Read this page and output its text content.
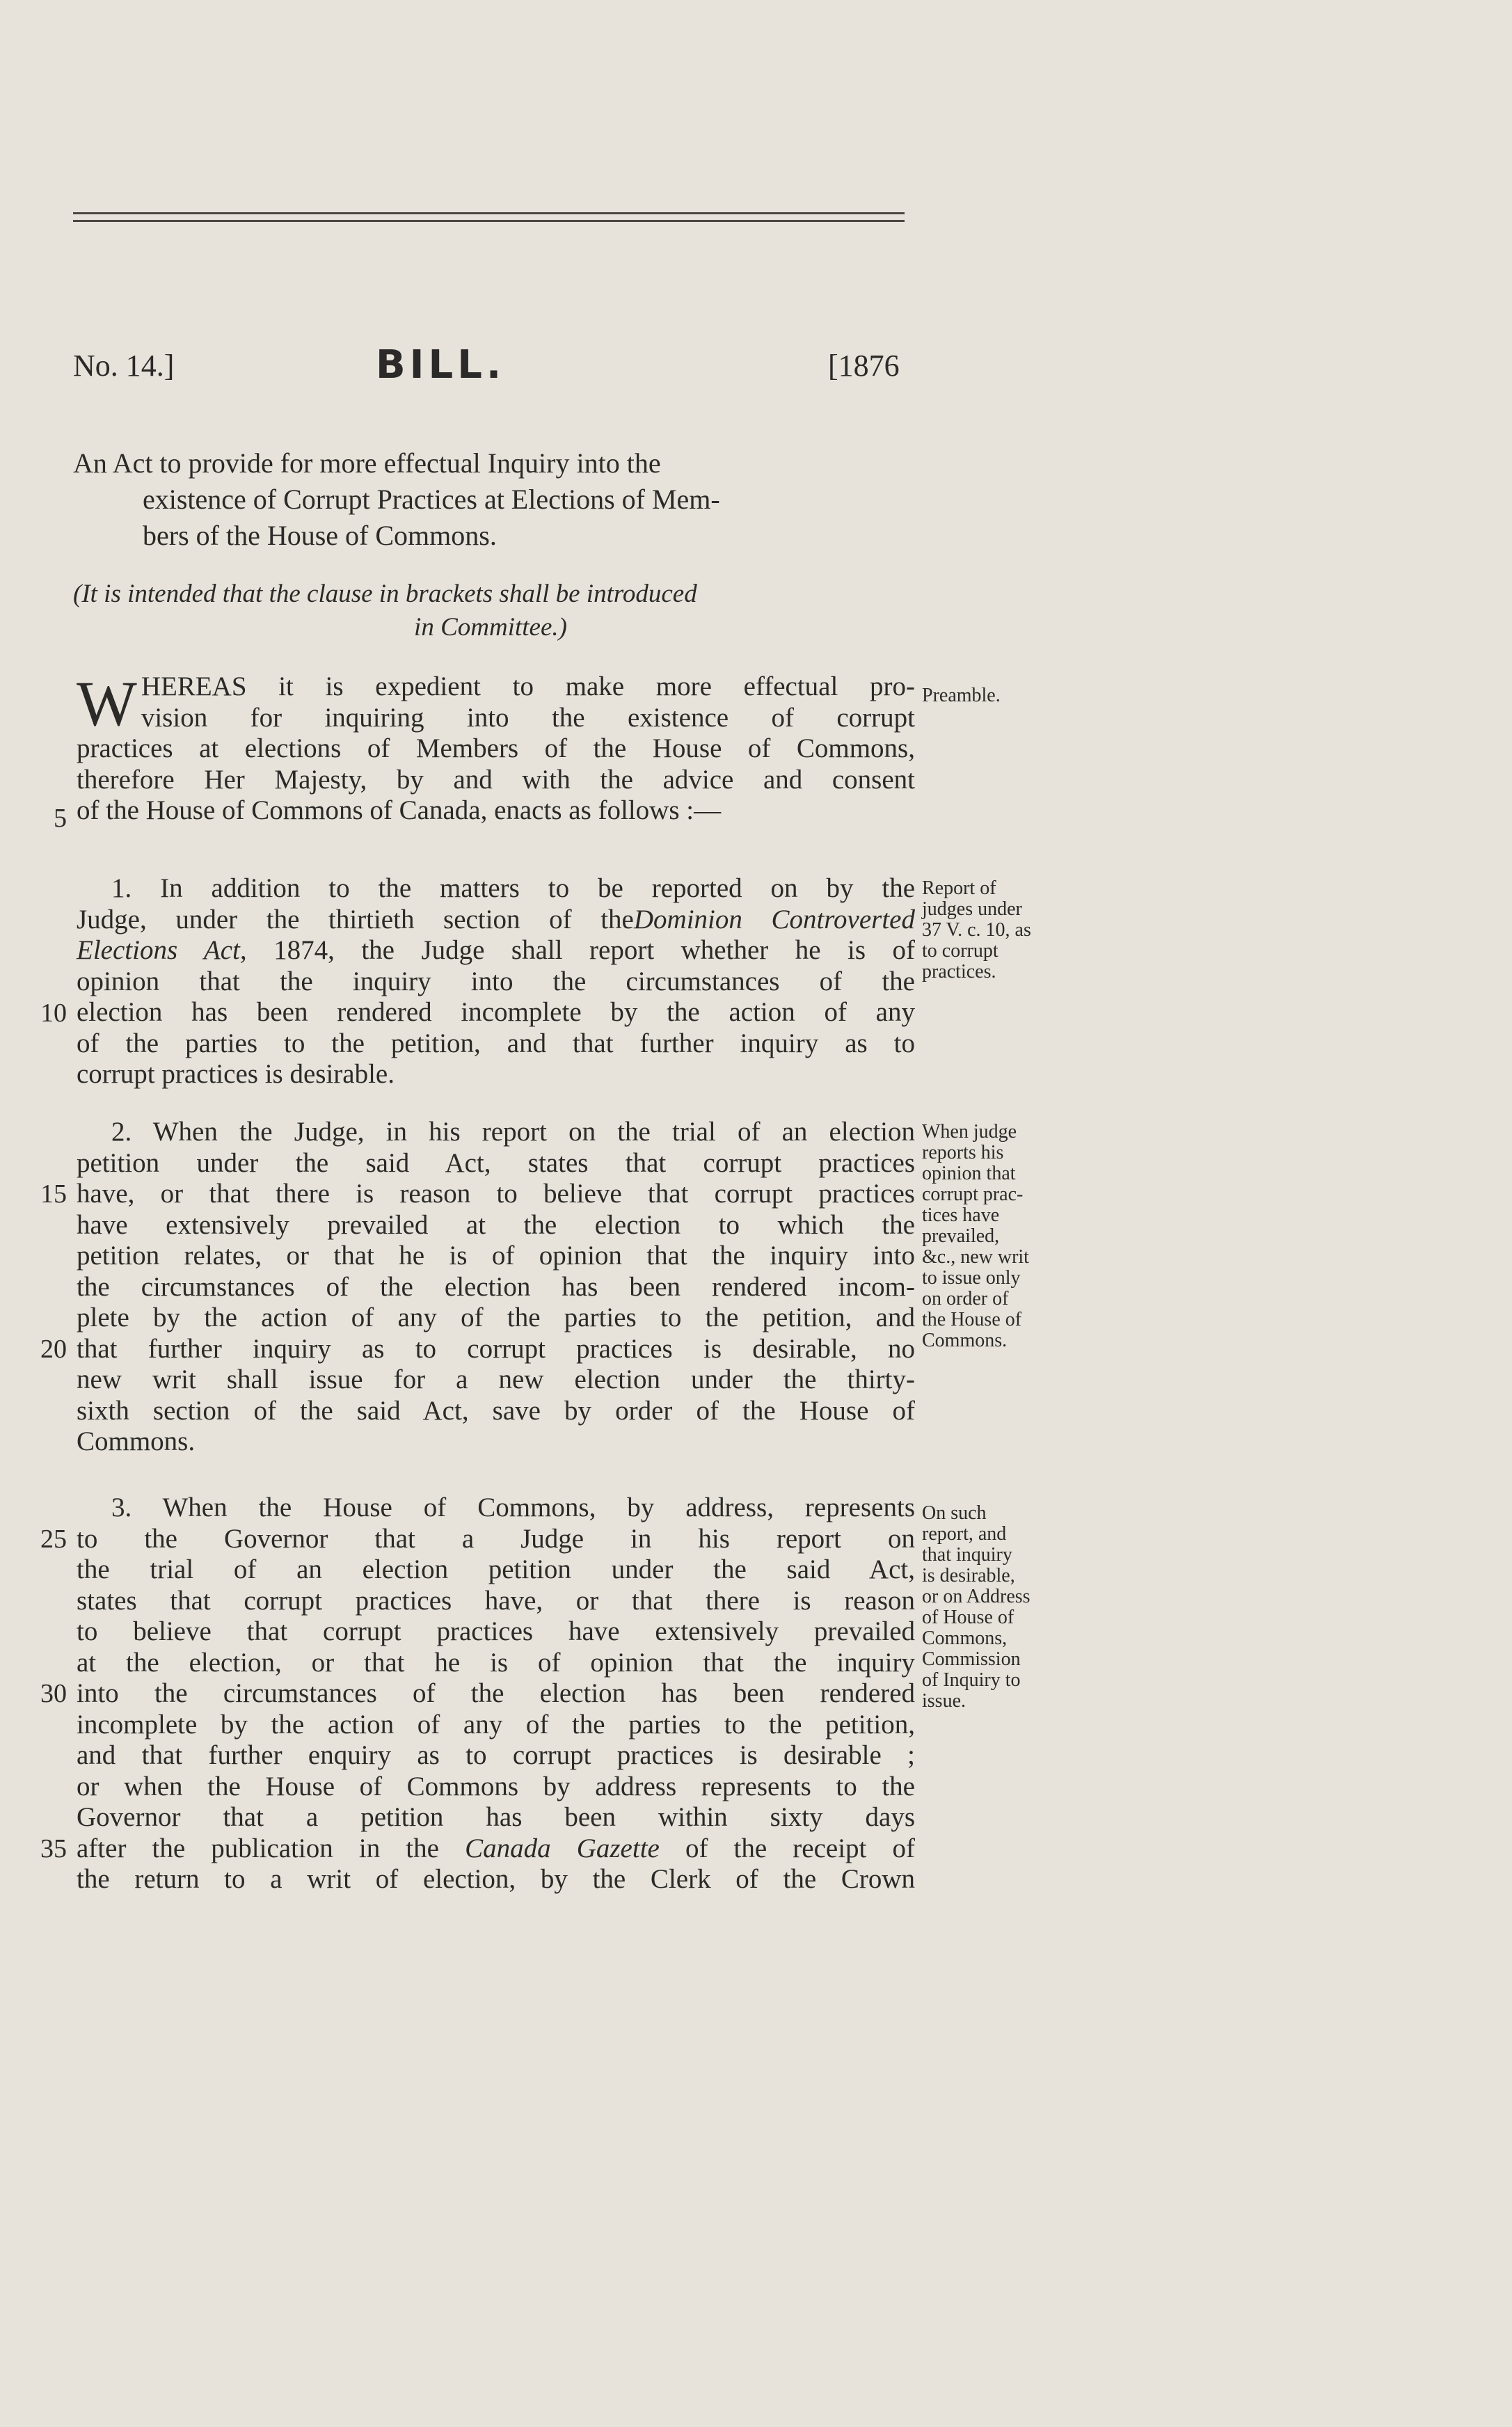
No. 14.]	BILL.	[1876
An Act to provide for more effectual Inquiry into the
existence of Corrupt Practices at Elections of Mem-
bers of the House of Commons.
(It is intended that the clause in brackets shall be introduced
in Committee.)
W HEREAS it is expedient to make more effectual pro-
vision for inquiring into the existence of corrupt
practices at elections of Members of the House of Commons,
therefore Her Majesty, by and with the advice and consent
of the House of Commons of Canada, enacts as follows :—
Preamble.
1. In addition to the matters to be reported on by the
Judge, under the thirtieth section of theDominion Controverted
Elections Act, 1874, the Judge shall report whether he is of
opinion that the inquiry into the circumstances of the
election has been rendered incomplete by the action of any
of the parties to the petition, and that further inquiry as to
corrupt practices is desirable.
Report of
judges under
37 V. c. 10, as
to corrupt
practices.
2. When the Judge, in his report on the trial of an election
petition under the said Act, states that corrupt practices
have, or that there is reason to believe that corrupt practices
have extensively prevailed at the election to which the
petition relates, or that he is of opinion that the inquiry into
the circumstances of the election has been rendered incom-
plete by the action of any of the parties to the petition, and
that further inquiry as to corrupt practices is desirable, no
new writ shall issue for a new election under the thirty-
sixth section of the said Act, save by order of the House of
Commons.
When judge
reports his
opinion that
corrupt prac-
tices have
prevailed,
&c., new writ
to issue only
on order of
the House of
Commons.
3. When the House of Commons, by address, represents
to the Governor that a Judge in his report on
the trial of an election petition under the said Act,
states that corrupt practices have, or that there is reason
to believe that corrupt practices have extensively prevailed
at the election, or that he is of opinion that the inquiry
into the circumstances of the election has been rendered
incomplete by the action of any of the parties to the petition,
and that further enquiry as to corrupt practices is desirable ;
or when the House of Commons by address represents to the
Governor that a petition has been within sixty days
after the publication in the Canada Gazette of the receipt of
the return to a writ of election, by the Clerk of the Crown
On such
report, and
that inquiry
is desirable,
or on Address
of House of
Commons,
Commission
of Inquiry to
issue.
5
10
15
20
25
30
35
